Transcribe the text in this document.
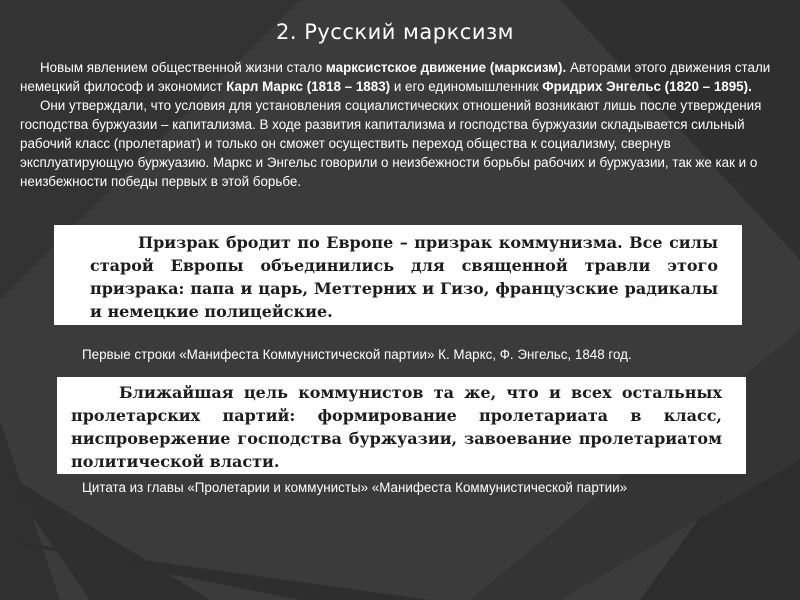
2. Русский марксизм

Новым явлением общественной жизни стало марксистское движение (марксизм). Авторами этого движения стали немецкий философ и экономист Карл Маркс (1818 – 1883) и его единомышленник Фридрих Энгельс (1820 – 1895).

Они утверждали, что условия для установления социалистических отношений возникают лишь после утверждения господства буржуазии – капитализма. В ходе развития капитализма и господства буржуазии складывается сильный рабочий класс (пролетариат) и только он сможет осуществить переход общества к социализму, свернув эксплуатирующую буржуазию. Маркс и Энгельс говорили о неизбежности борьбы рабочих и буржуазии, так же как и о неизбежности победы первых в этой борьбе.

Призрак бродит по Европе – призрак коммунизма. Все силы старой Европы объединились для священной травли этого призрака: папа и царь, Меттерних и Гизо, французские радикалы и немецкие полицейские.
Первые строки «Манифеста Коммунистической партии» К. Маркс, Ф. Энгельс, 1848 год.
Ближайшая цель коммунистов та же, что и всех остальных пролетарских партий: формирование пролетариата в класс, ниспровержение господства буржуазии, завоевание пролетариатом политической власти.
Цитата из главы «Пролетарии и коммунисты» «Манифеста Коммунистической партии»
